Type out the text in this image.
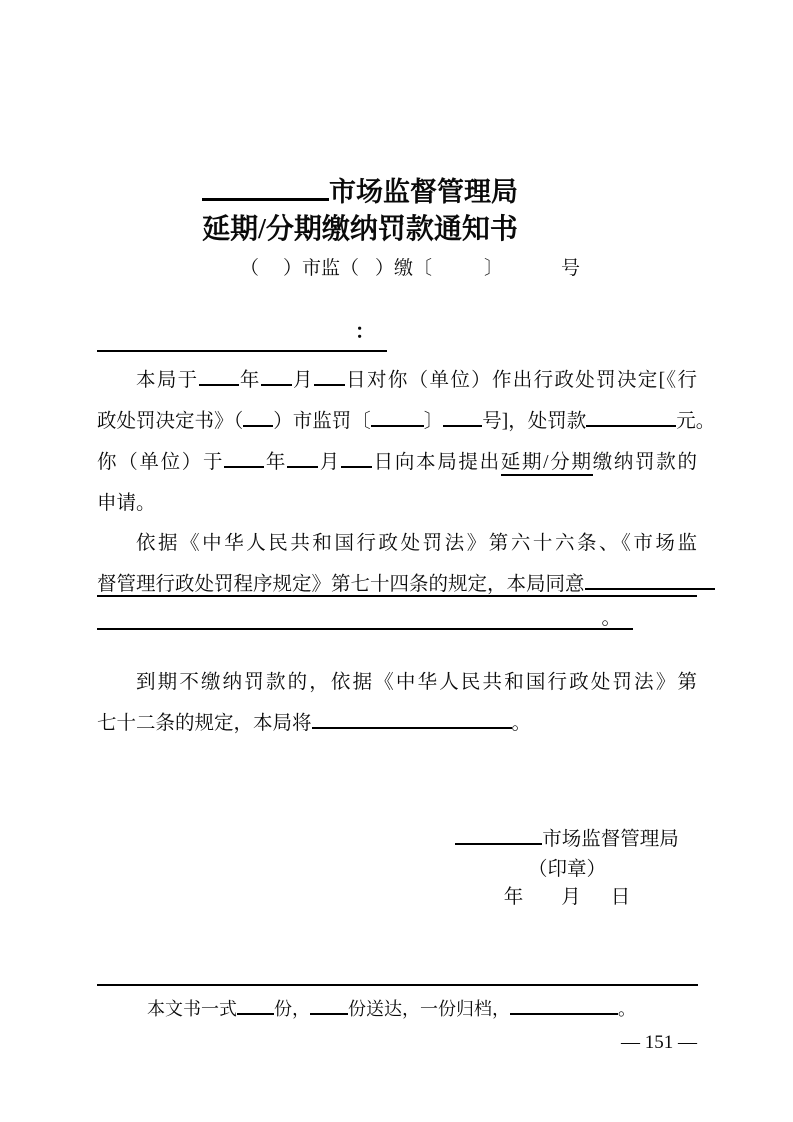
市场监督管理局
延期/分期缴纳罚款通知书
（ ）市监（ ）缴〔	〕	号
：
本局于 年 月 日对你（单位）作出行政处罚决定[《行
政处罚决定书》（ ）市监罚〔	〕 号]，处罚款	元。
你（单位）于 年 月 日向本局提出延期/分期缴纳罚款的
申请。
依据《中华人民共和国行政处罚法》第六十六条、《市场监
督管理行政处罚程序规定》第七十四条的规定，本局同意
。
到期不缴纳罚款的，依据《中华人民共和国行政处罚法》第
七十二条的规定，本局将	。
市场监督管理局
（印章）
年 月 日
本文书一式 份， 份送达，一份归档，	。
— 151 —
